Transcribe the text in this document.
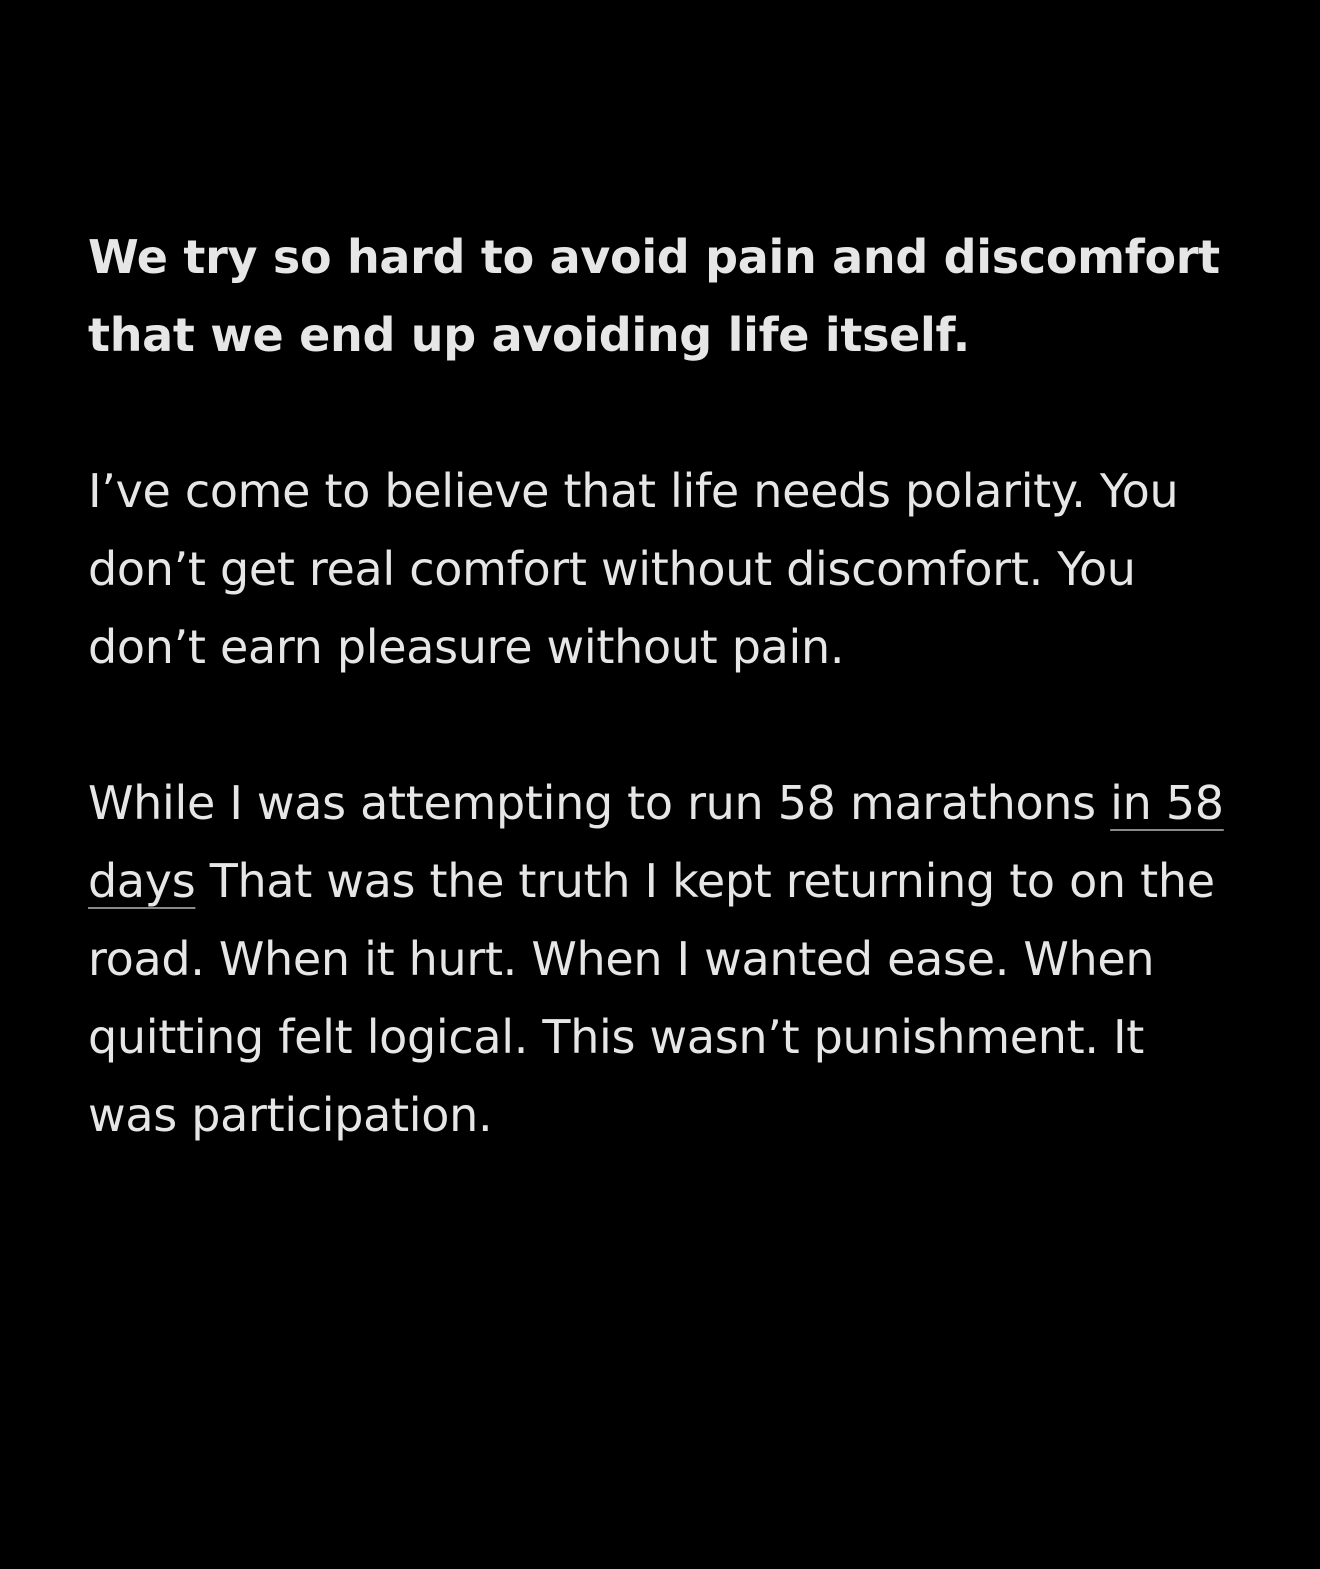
We try so hard to avoid pain and discomfort that we end up avoiding life itself.

I’ve come to believe that life needs polarity. You don’t get real comfort without discomfort. You don’t earn pleasure without pain.

While I was attempting to run 58 marathons in 58 days That was the truth I kept returning to on the road. When it hurt. When I wanted ease. When quitting felt logical. This wasn’t punishment. It was participation.
